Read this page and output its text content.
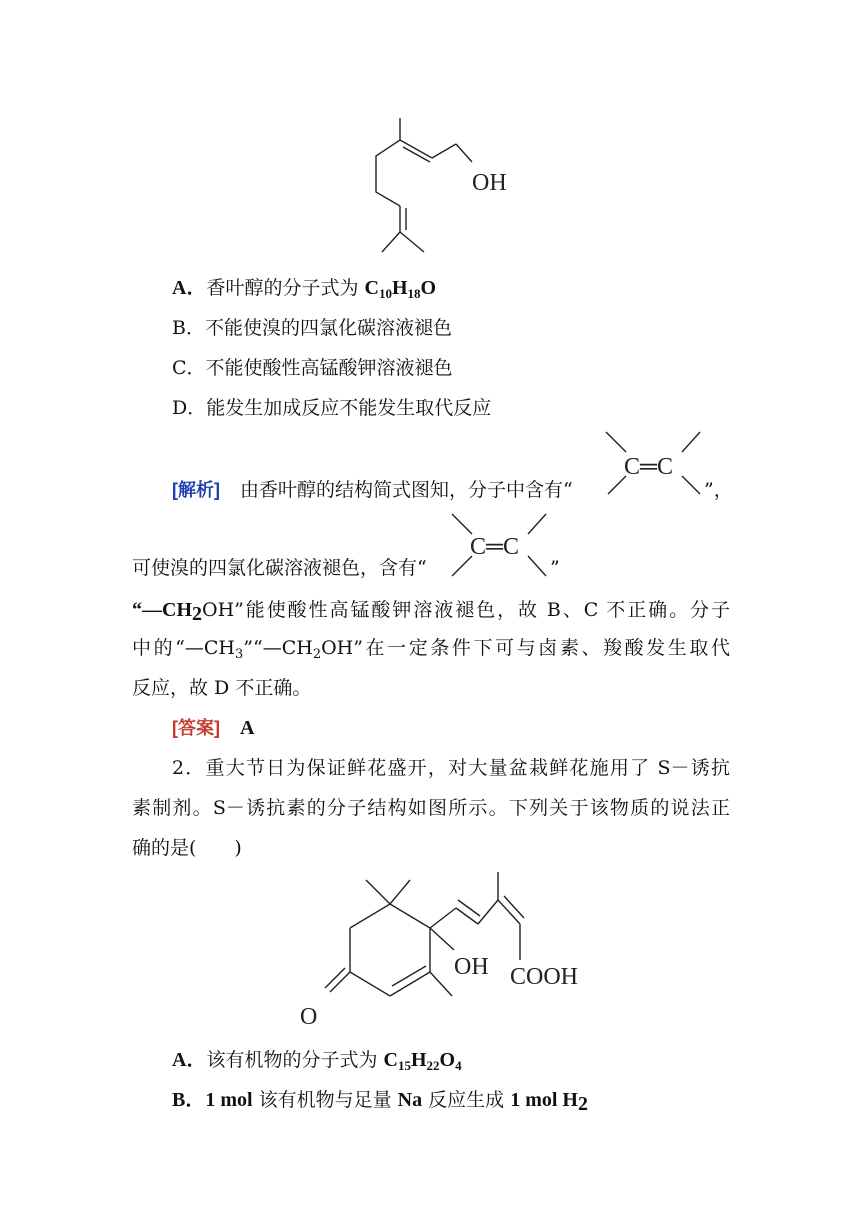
OH
A．香叶醇的分子式为 $C_{10}H_{18}O$
B．不能使溴的四氯化碳溶液褪色
C．不能使酸性高锰酸钾溶液褪色
D．能发生加成反应不能发生取代反应
[解析] 由香叶醇的结构简式图知，分子中含有“
C═C
”，
可使溴的四氯化碳溶液褪色，含有“
C═C
”
“$—CH_2OH$”能使酸性高锰酸钾溶液褪色，故 B、C 不正确。分子
中的“$—CH_3”“—CH_2OH$”在一定条件下可与卤素、羧酸发生取代
反应，故 D 不正确。
[答案] A
2．重大节日为保证鲜花盛开，对大量盆栽鲜花施用了 S－诱抗
素制剂。S－诱抗素的分子结构如图所示。下列关于该物质的说法正
确的是(　　)
OH COOH
O
A．该有机物的分子式为 $C_{15}H_{22}O_4$
B．1 mol 该有机物与足量 Na 反应生成 1 mol $H_2$
